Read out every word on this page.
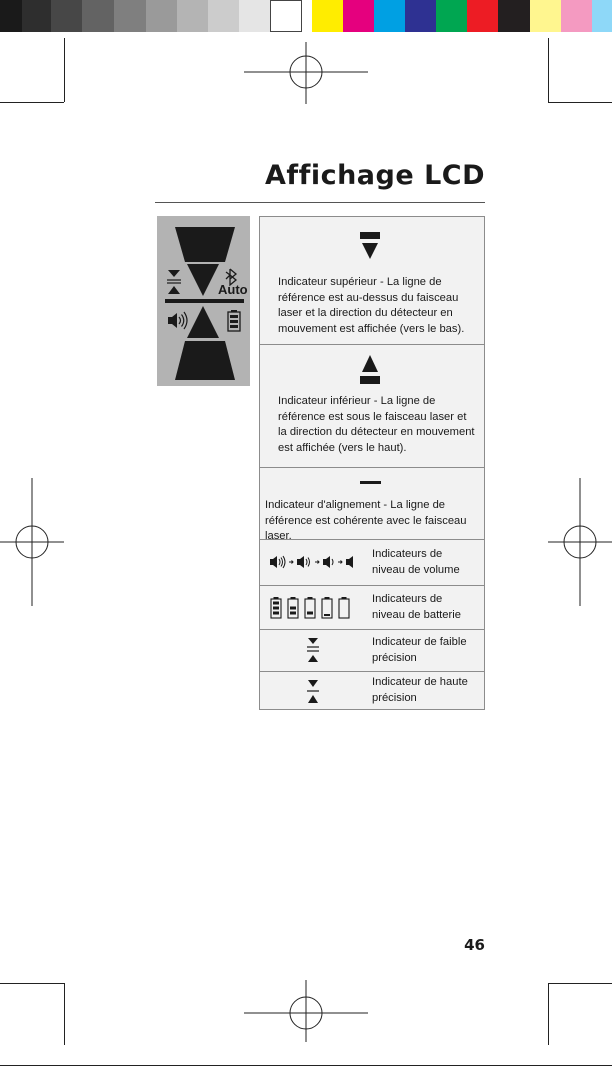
Affichage LCD
Auto	Indicateur supérieur - La ligne de référence est au-dessus du faisceau laser et la direction du détecteur en mouvement est affichée (vers le bas).
Indicateur inférieur - La ligne de référence est sous le faisceau laser et la direction du détecteur en mouvement est affichée (vers le haut).
Indicateur d'alignement - La ligne de référence est cohérente avec le faisceau laser.
Indicateurs de niveau de volume
Indicateurs de niveau de batterie
Indicateur de faible précision
Indicateur de haute précision
46
